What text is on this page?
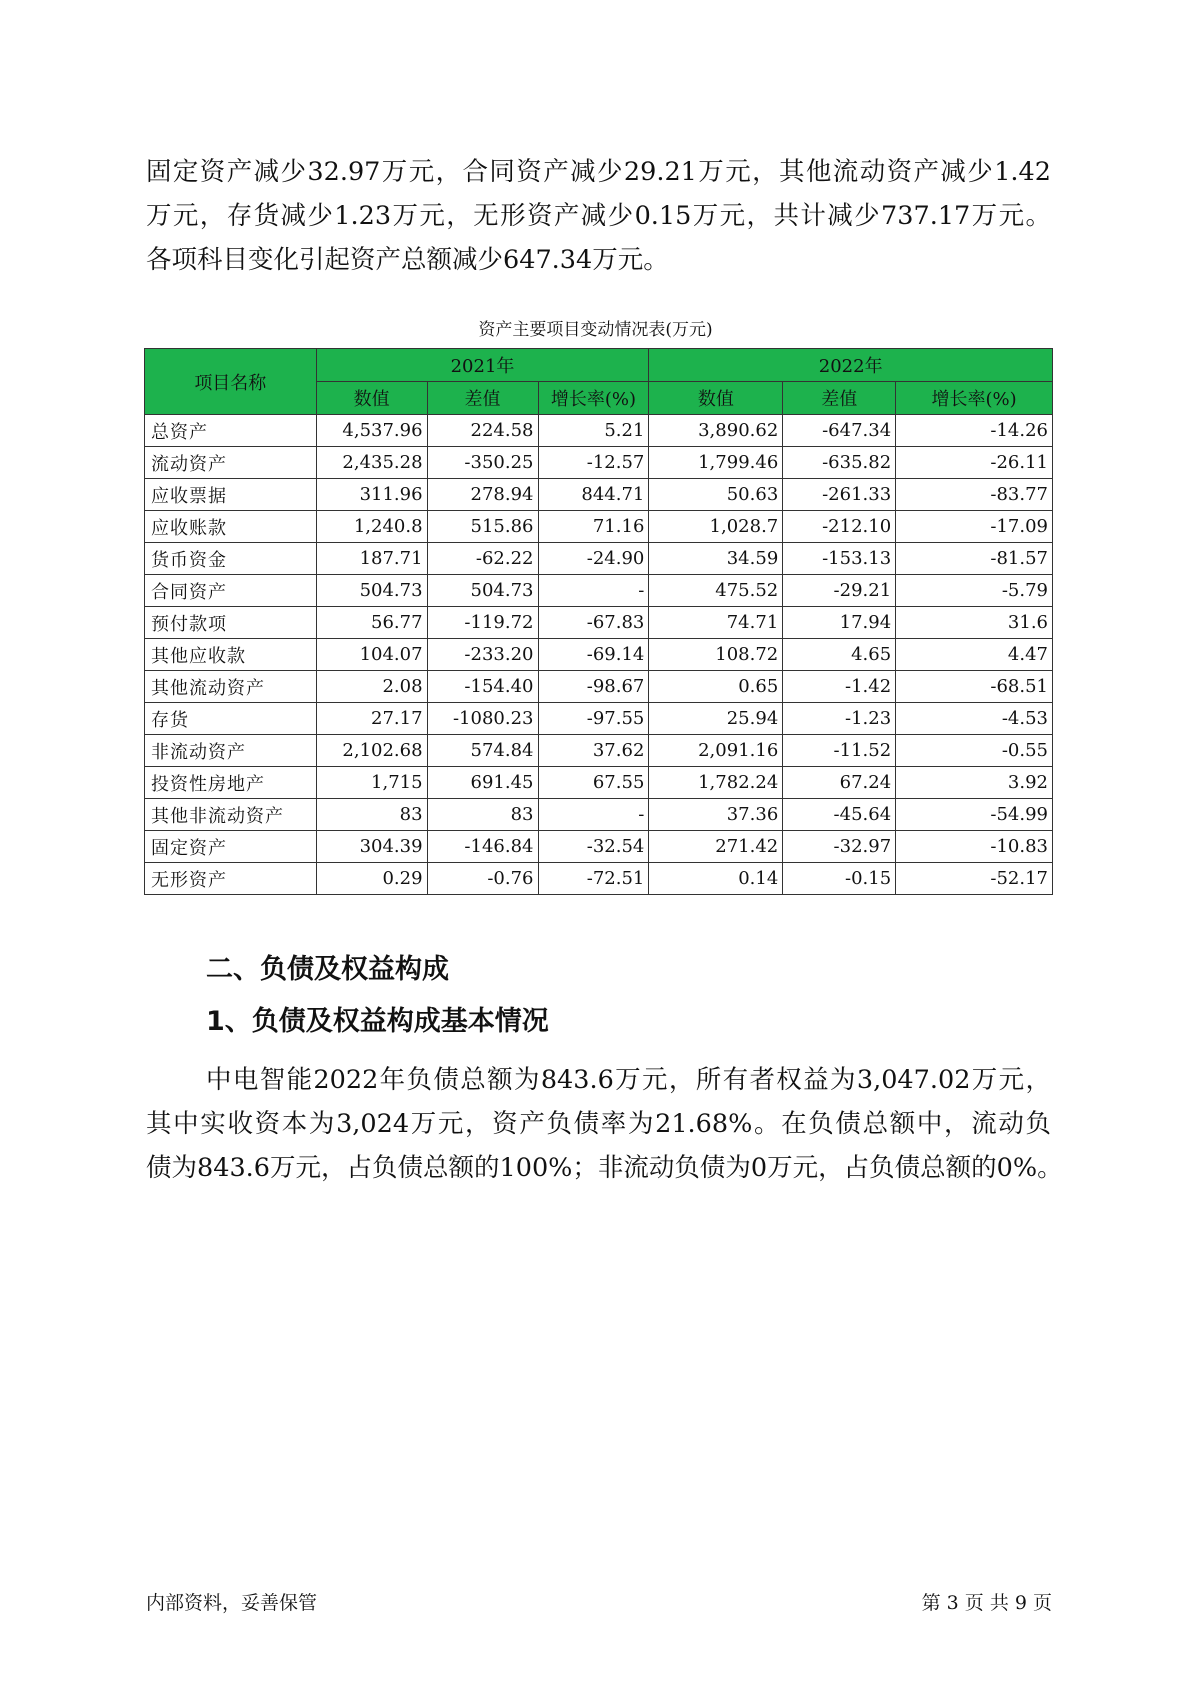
固定资产减少32.97万元，合同资产减少29.21万元，其他流动资产减少1.42
万元，存货减少1.23万元，无形资产减少0.15万元，共计减少737.17万元。
各项科目变化引起资产总额减少647.34万元。
资产主要项目变动情况表(万元)
项目名称	2021年			2022年		
	数值	差值	增长率(%)	数值	差值	增长率(%)
总资产	4,537.96	224.58	5.21	3,890.62	-647.34	-14.26
流动资产	2,435.28	-350.25	-12.57	1,799.46	-635.82	-26.11
应收票据	311.96	278.94	844.71	50.63	-261.33	-83.77
应收账款	1,240.8	515.86	71.16	1,028.7	-212.10	-17.09
货币资金	187.71	-62.22	-24.90	34.59	-153.13	-81.57
合同资产	504.73	504.73	-	475.52	-29.21	-5.79
预付款项	56.77	-119.72	-67.83	74.71	17.94	31.6
其他应收款	104.07	-233.20	-69.14	108.72	4.65	4.47
其他流动资产	2.08	-154.40	-98.67	0.65	-1.42	-68.51
存货	27.17	-1080.23	-97.55	25.94	-1.23	-4.53
非流动资产	2,102.68	574.84	37.62	2,091.16	-11.52	-0.55
投资性房地产	1,715	691.45	67.55	1,782.24	67.24	3.92
其他非流动资产	83	83	-	37.36	-45.64	-54.99
固定资产	304.39	-146.84	-32.54	271.42	-32.97	-10.83
无形资产	0.29	-0.76	-72.51	0.14	-0.15	-52.17
二、负债及权益构成
1、负债及权益构成基本情况
中电智能2022年负债总额为843.6万元，所有者权益为3,047.02万元，
其中实收资本为3,024万元，资产负债率为21.68%。在负债总额中，流动负
债为843.6万元，占负债总额的100%；非流动负债为0万元，占负债总额的0%。
内部资料，妥善保管	第 3 页 共 9 页
